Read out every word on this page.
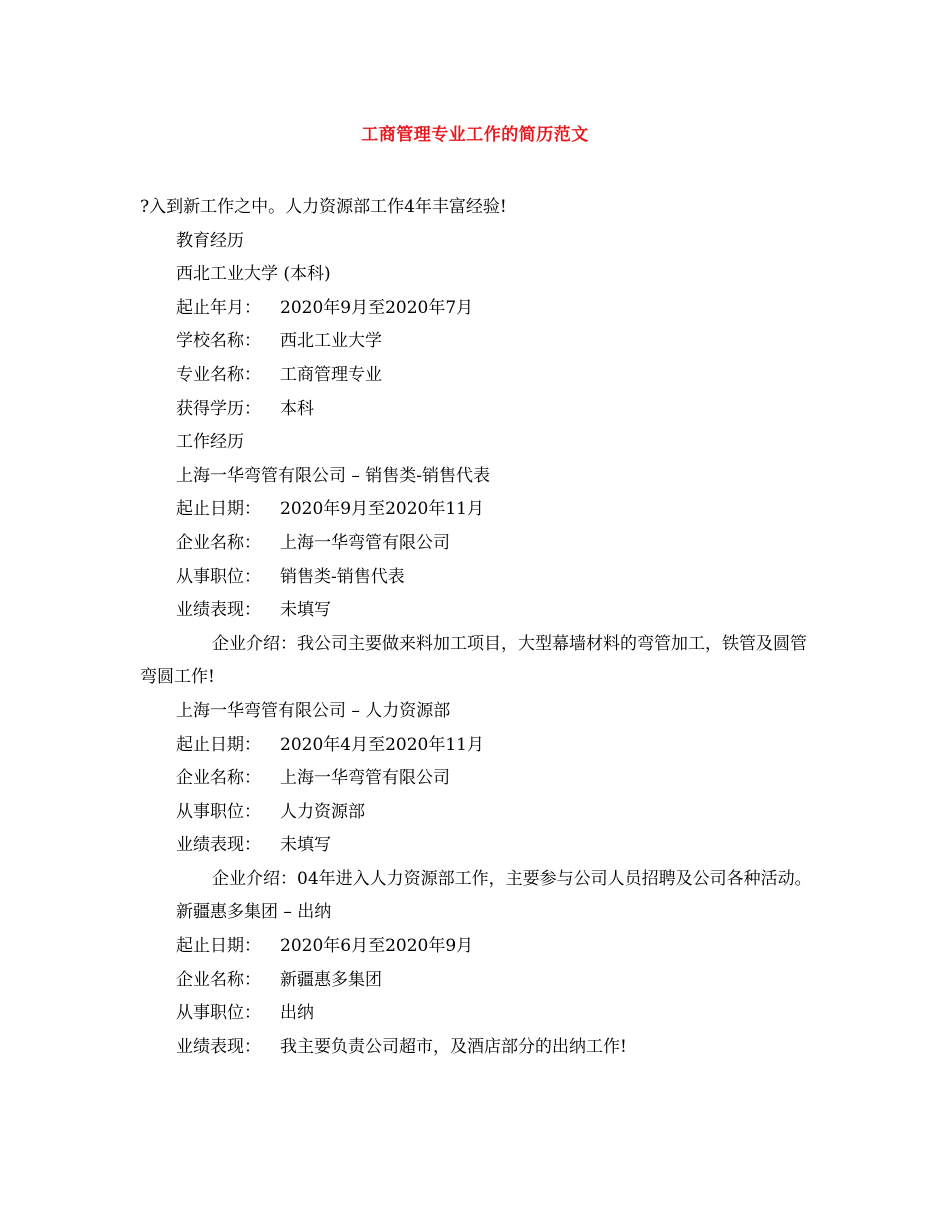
工商管理专业工作的简历范文

?入到新工作之中。人力资源部工作4年丰富经验!

教育经历

西北工业大学 (本科)

起止年月： 2020年9月至2020年7月

学校名称： 西北工业大学

专业名称： 工商管理专业

获得学历： 本科

工作经历

上海一华弯管有限公司 – 销售类-销售代表

起止日期： 2020年9月至2020年11月

企业名称： 上海一华弯管有限公司

从事职位： 销售类-销售代表

业绩表现： 未填写

企业介绍：我公司主要做来料加工项目，大型幕墙材料的弯管加工，铁管及圆管弯圆工作!

上海一华弯管有限公司 – 人力资源部

起止日期： 2020年4月至2020年11月

企业名称： 上海一华弯管有限公司

从事职位： 人力资源部

业绩表现： 未填写

企业介绍：04年进入人力资源部工作，主要参与公司人员招聘及公司各种活动。

新疆惠多集团 – 出纳

起止日期： 2020年6月至2020年9月

企业名称： 新疆惠多集团

从事职位： 出纳

业绩表现： 我主要负责公司超市，及酒店部分的出纳工作!
